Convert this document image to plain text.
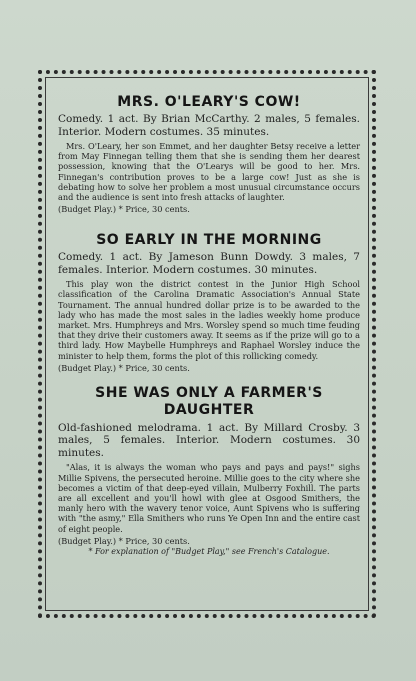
MRS. O'LEARY'S COW!

Comedy. 1 act. By Brian McCarthy. 2 males, 5 females. Interior. Modern costumes. 35 minutes.

Mrs. O'Leary, her son Emmet, and her daughter Betsy receive a letter from May Finnegan telling them that she is sending them her dearest possession, knowing that the O'Learys will be good to her. Mrs. Finnegan's contribution proves to be a large cow! Just as she is debating how to solve her problem a most unusual circumstance occurs and the audience is sent into fresh attacks of laughter.

(Budget Play.) * Price, 30 cents.

SO EARLY IN THE MORNING

Comedy. 1 act. By Jameson Bunn Dowdy. 3 males, 7 females. Interior. Modern costumes. 30 minutes.

This play won the district contest in the Junior High School classification of the Carolina Dramatic Association's Annual State Tournament. The annual hundred dollar prize is to be awarded to the lady who has made the most sales in the ladies weekly home produce market. Mrs. Humphreys and Mrs. Worsley spend so much time feuding that they drive their customers away. It seems as if the prize will go to a third lady. How Maybelle Humphreys and Raphael Worsley induce the minister to help them, forms the plot of this rollicking comedy.

(Budget Play.) * Price, 30 cents.

SHE WAS ONLY A FARMER'S DAUGHTER

Old-fashioned melodrama. 1 act. By Millard Crosby. 3 males, 5 females. Interior. Modern costumes. 30 minutes.

"Alas, it is always the woman who pays and pays and pays!" sighs Millie Spivens, the persecuted heroine. Millie goes to the city where she becomes a victim of that deep-eyed villain, Mulberry Foxhill. The parts are all excellent and you'll howl with glee at Osgood Smithers, the manly hero with the wavery tenor voice, Aunt Spivens who is suffering with "the asmy," Ella Smithers who runs Ye Open Inn and the entire cast of eight people.

(Budget Play.) * Price, 30 cents.

* For explanation of "Budget Play," see French's Catalogue.
